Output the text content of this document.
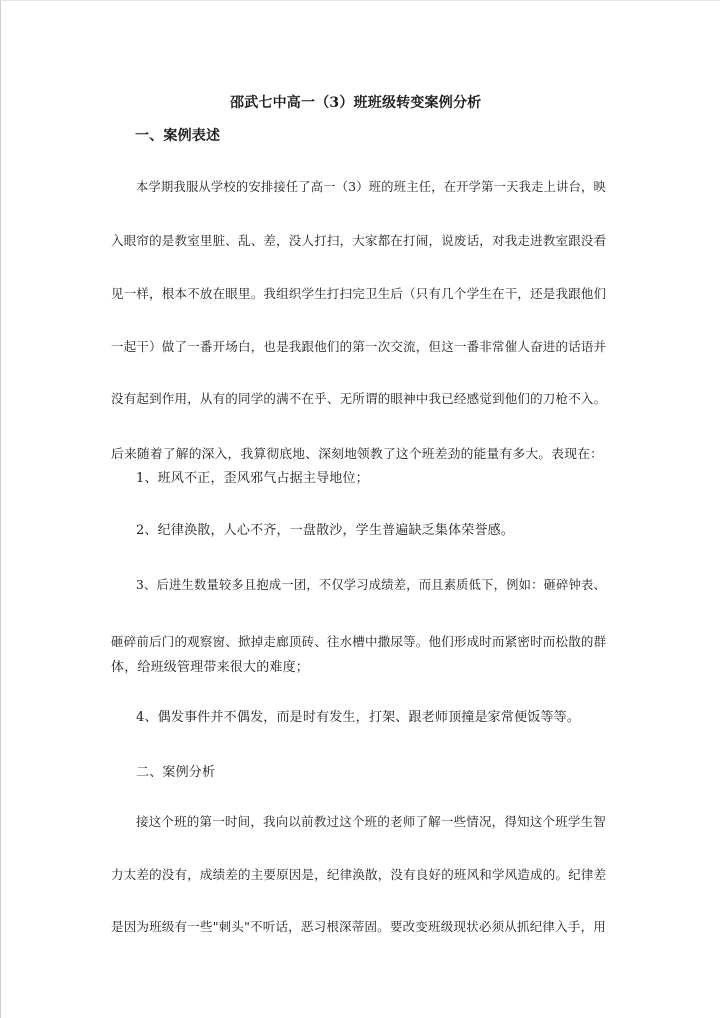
邵武七中高一（3）班班级转变案例分析

一、案例表述

本学期我服从学校的安排接任了高一（3）班的班主任，在开学第一天我走上讲台，映

入眼帘的是教室里脏、乱、差，没人打扫，大家都在打闹，说废话，对我走进教室跟没看

见一样，根本不放在眼里。我组织学生打扫完卫生后（只有几个学生在干，还是我跟他们

一起干）做了一番开场白，也是我跟他们的第一次交流，但这一番非常催人奋进的话语并

没有起到作用，从有的同学的满不在乎、无所谓的眼神中我已经感觉到他们的刀枪不入。

后来随着了解的深入，我算彻底地、深刻地领教了这个班差劲的能量有多大。表现在：

1、班风不正，歪风邪气占据主导地位；

2、纪律涣散，人心不齐，一盘散沙，学生普遍缺乏集体荣誉感。

3、后进生数量较多且抱成一团，不仅学习成绩差，而且素质低下，例如：砸碎钟表、

砸碎前后门的观察窗、掀掉走廊顶砖、往水槽中撒尿等。他们形成时而紧密时而松散的群

体，给班级管理带来很大的难度；

4、偶发事件并不偶发，而是时有发生，打架、跟老师顶撞是家常便饭等等。

二、案例分析

接这个班的第一时间，我向以前教过这个班的老师了解一些情况，得知这个班学生智

力太差的没有，成绩差的主要原因是，纪律涣散，没有良好的班风和学风造成的。纪律差

是因为班级有一些"刺头"不听话，恶习根深蒂固。要改变班级现状必须从抓纪律入手，用
